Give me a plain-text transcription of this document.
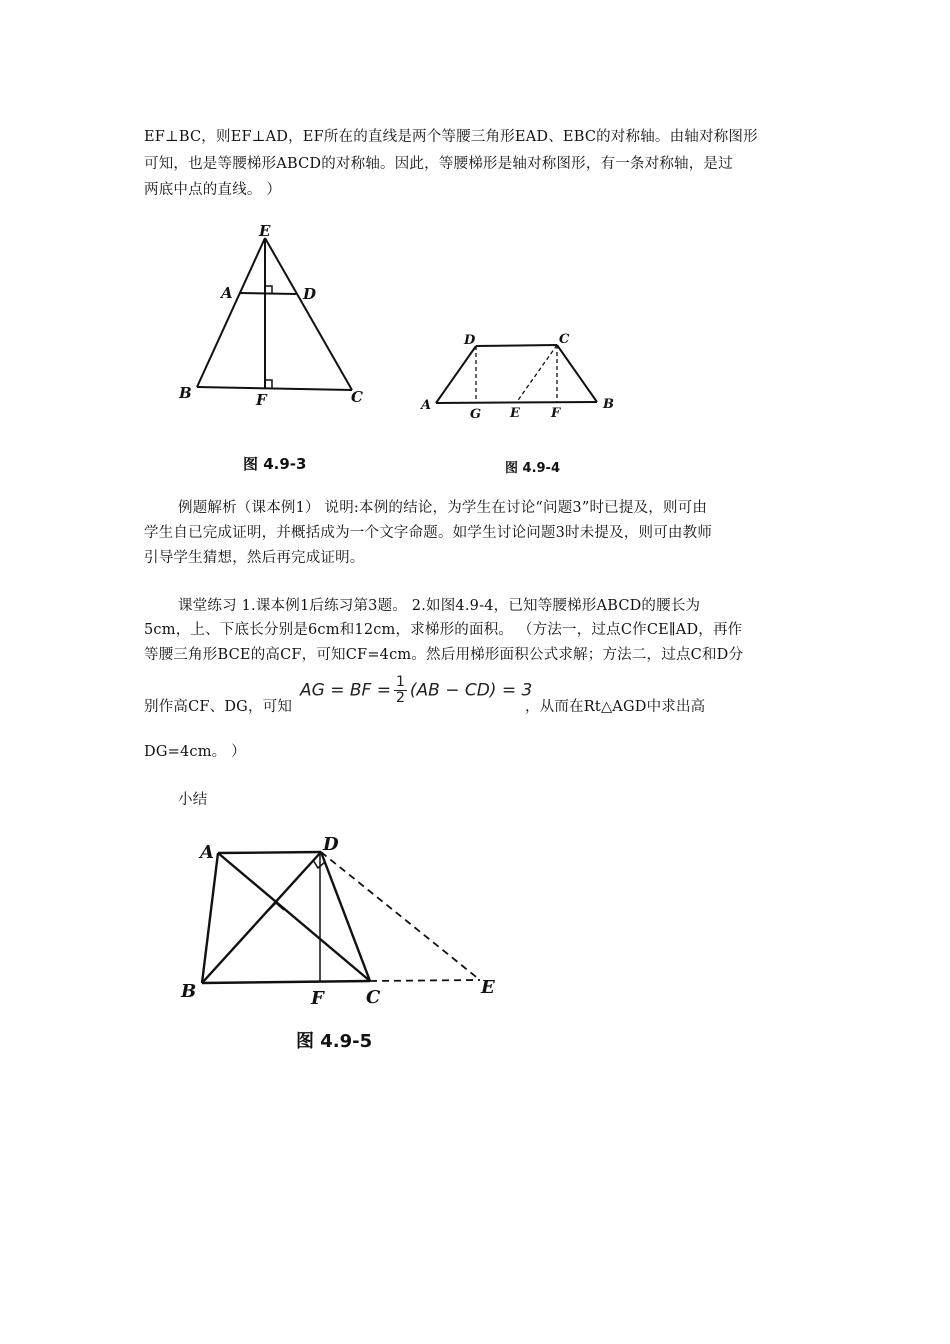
EF⊥BC，则EF⊥AD，EF所在的直线是两个等腰三角形EAD、EBC的对称轴。由轴对称图形
可知，也是等腰梯形ABCD的对称轴。因此，等腰梯形是轴对称图形，有一条对称轴，是过
两底中点的直线。 ）
E
A	D
B	F	C
图 4.9-3
D	C
A
G E F
B
图 4.9-4
例题解析（课本例1） 说明:本例的结论，为学生在讨论“问题3”时已提及，则可由
学生自已完成证明，并概括成为一个文字命题。如学生讨论问题3时未提及，则可由教师
引导学生猜想，然后再完成证明。
课堂练习 1.课本例1后练习第3题。 2.如图4.9-4，已知等腰梯形ABCD的腰长为
5cm，上、下底长分别是6cm和12cm，求梯形的面积。 （方法一，过点C作CE∥AD，再作
等腰三角形BCE的高CF，可知CF=4cm。然后用梯形面积公式求解；方法二，过点C和D分
别作高CF、DG，可知
AG = BF = $\frac{1}{2} (AB - CD) = 3$
，从而在Rt△AGD中求出高
DG=4cm。 ）
小结
A	D
B	F C	E
图 4.9-5
